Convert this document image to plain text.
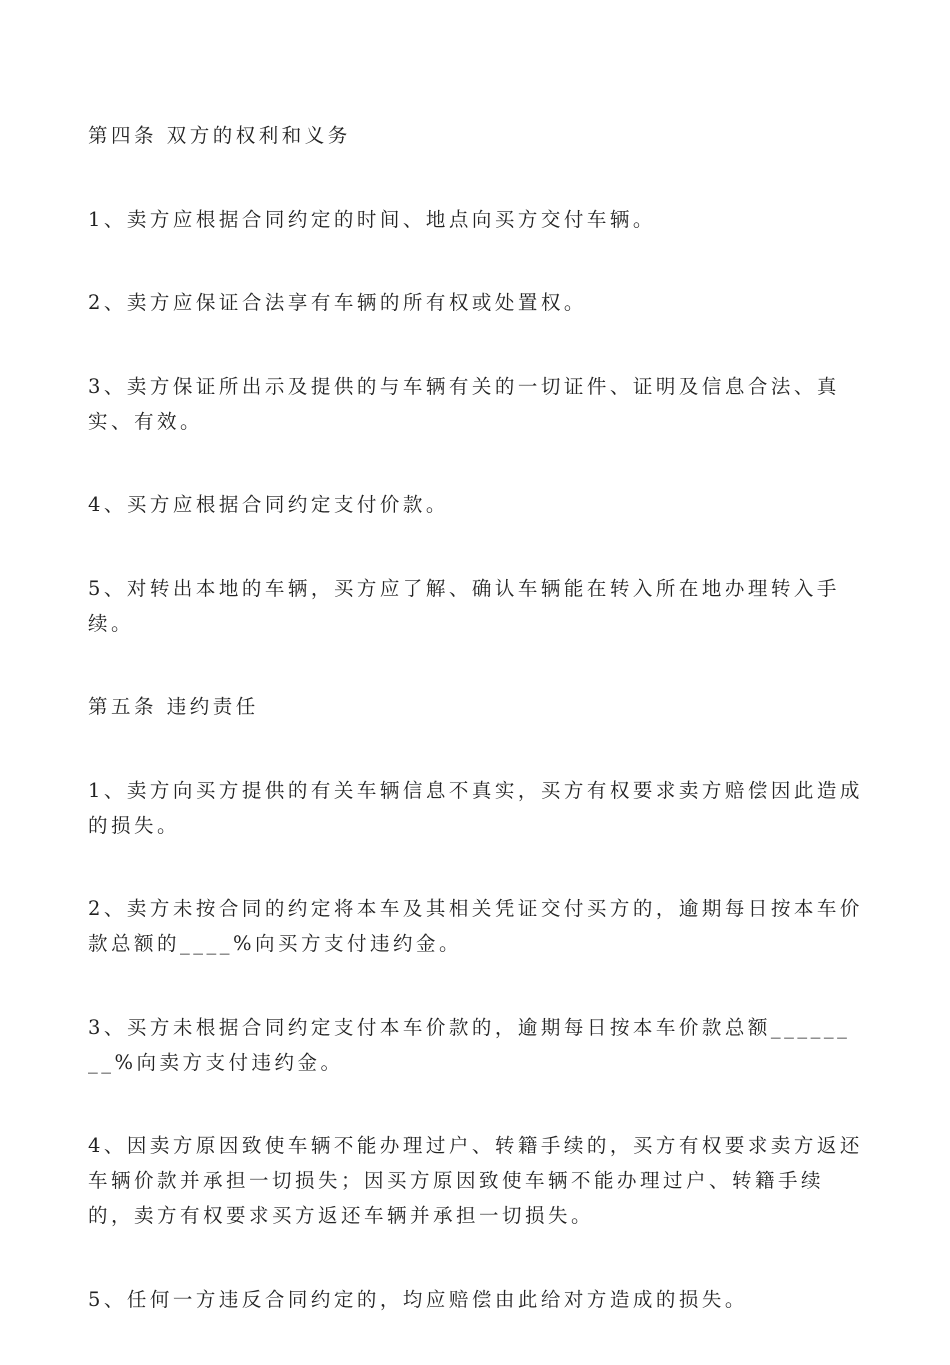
第四条 双方的权利和义务

1、卖方应根据合同约定的时间、地点向买方交付车辆。

2、卖方应保证合法享有车辆的所有权或处置权。

3、卖方保证所出示及提供的与车辆有关的一切证件、证明及信息合法、真实、有效。

4、买方应根据合同约定支付价款。

5、对转出本地的车辆，买方应了解、确认车辆能在转入所在地办理转入手续。

第五条 违约责任

1、卖方向买方提供的有关车辆信息不真实，买方有权要求卖方赔偿因此造成的损失。

2、卖方未按合同的约定将本车及其相关凭证交付买方的，逾期每日按本车价款总额的____%向买方支付违约金。

3、买方未根据合同约定支付本车价款的，逾期每日按本车价款总额________%向卖方支付违约金。

4、因卖方原因致使车辆不能办理过户、转籍手续的，买方有权要求卖方返还车辆价款并承担一切损失；因买方原因致使车辆不能办理过户、转籍手续的，卖方有权要求买方返还车辆并承担一切损失。

5、任何一方违反合同约定的，均应赔偿由此给对方造成的损失。
